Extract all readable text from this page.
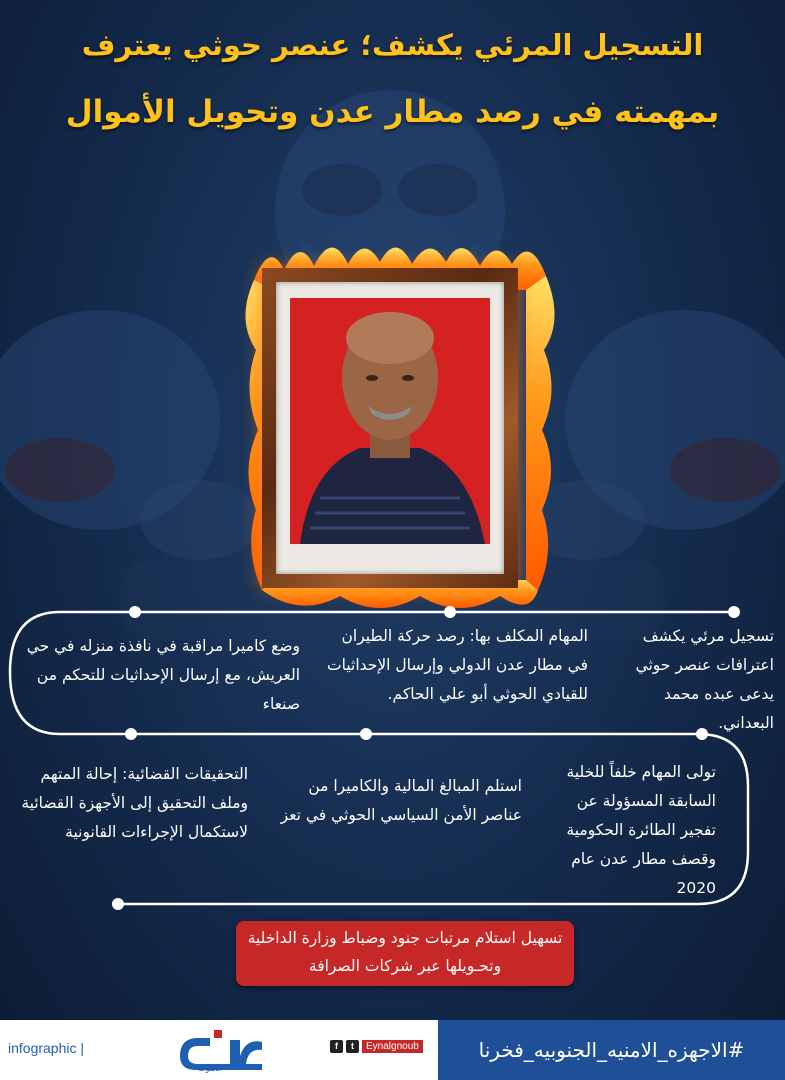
التسجيل المرئي يكشف؛ عنصر حوثي يعترف
بمهمته في رصد مطار عدن وتحويل الأموال
تسجيل مرئي يكشف اعترافات عنصر حوثي يدعى عبده محمد البعداني.
المهام المكلف بها: رصد حركة الطيران في مطار عدن الدولي وإرسال الإحداثيات للقيادي الحوثي أبو علي الحاكم.
وضع كاميرا مراقبة في نافذة منزله في حي العريش، مع إرسال الإحداثيات للتحكم من صنعاء
تولى المهام خلفاً للخلية السابقة المسؤولة عن تفجير الطائرة الحكومية وقصف مطار عدن عام 2020
استلم المبالغ المالية والكاميرا من عناصر الأمن السياسي الحوثي في تعز
التحقيقات القضائية: إحالة المتهم وملف التحقيق إلى الأجهزة القضائية لاستكمال الإجراءات القانونية
تسهيل استلام مرتبات جنود وضباط وزارة الداخلية وتحـويلها عبر شركات الصرافة
infographic |
الجنوب
f	t	Eynalgnoub	#الاجهزه_الامنيه_الجنوبيه_فخرنا
